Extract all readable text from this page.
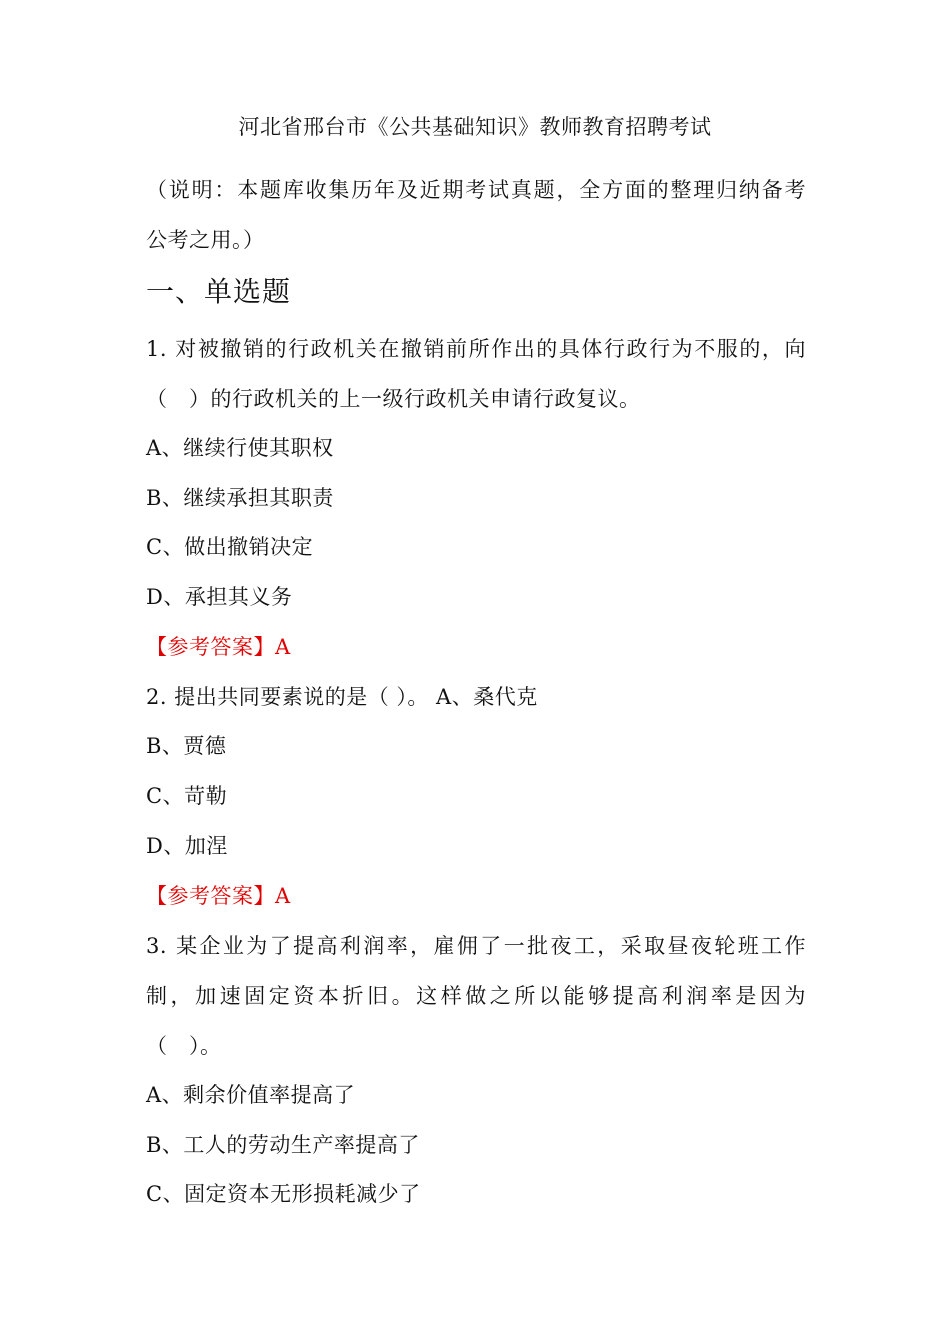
河北省邢台市《公共基础知识》教师教育招聘考试
（说明：本题库收集历年及近期考试真题，全方面的整理归纳备考
公考之用。）
一、单选题
1. 对被撤销的行政机关在撤销前所作出的具体行政行为不服的，向
（　）的行政机关的上一级行政机关申请行政复议。
A、继续行使其职权
B、继续承担其职责
C、做出撤销决定
D、承担其义务
【参考答案】A
2. 提出共同要素说的是（ ）。 A、桑代克
B、贾德
C、苛勒
D、加涅
【参考答案】A
3. 某企业为了提高利润率，雇佣了一批夜工，采取昼夜轮班工作
制，加速固定资本折旧。这样做之所以能够提高利润率是因为
（　）。
A、剩余价值率提高了
B、工人的劳动生产率提高了
C、固定资本无形损耗减少了
